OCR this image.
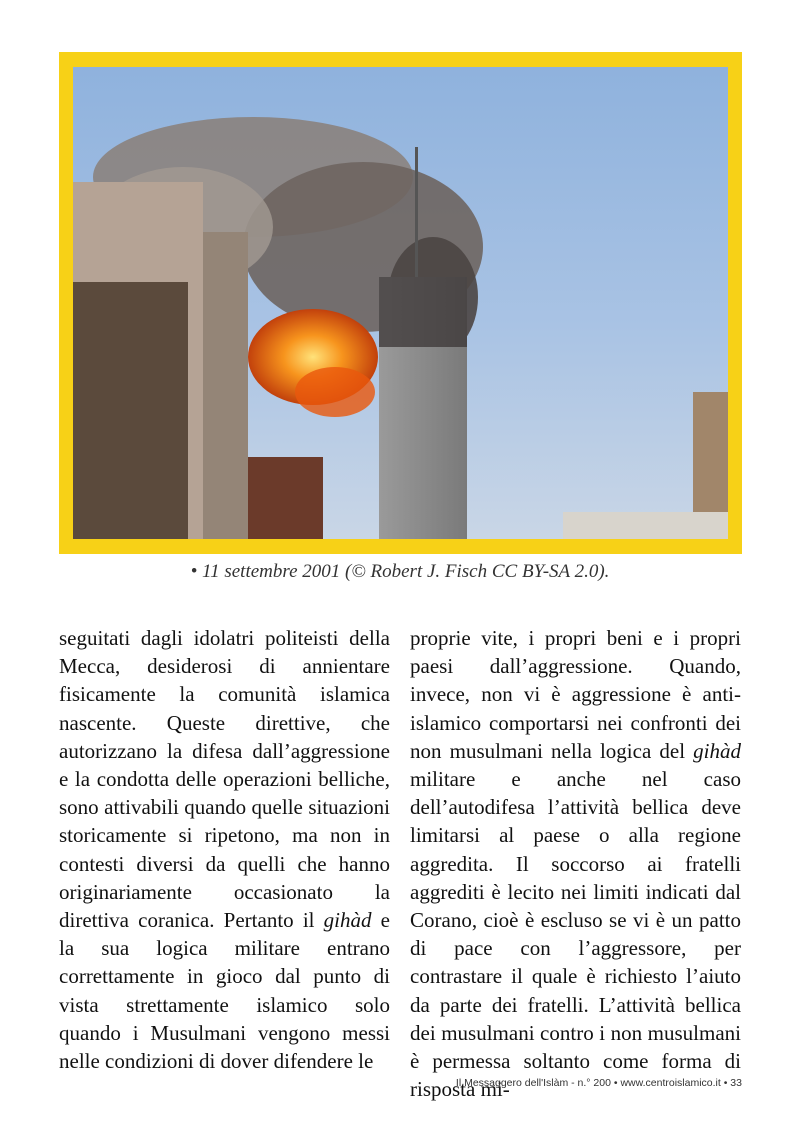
• 11 settembre 2001 (© Robert J. Fisch CC BY-SA 2.0).

seguitati dagli idolatri politeisti della Mecca, desiderosi di annientare fisicamente la comunità islamica nascente. Queste direttive, che autorizzano la difesa dall’aggressione e la condotta delle operazioni belliche, sono attivabili quando quelle situazioni storicamente si ripetono, ma non in contesti diversi da quelli che hanno originariamente occasionato la direttiva coranica. Pertanto il gihàd e la sua logica militare entrano correttamente in gioco dal punto di vista strettamente islamico solo quando i Musulmani vengono messi nelle condizioni di dover difendere le

proprie vite, i propri beni e i propri paesi dall’aggressione. Quando, invece, non vi è aggressione è anti-islamico comportarsi nei confronti dei non musulmani nella logica del gihàd militare e anche nel caso dell’autodifesa l’attività bellica deve limitarsi al paese o alla regione aggredita. Il soccorso ai fratelli aggrediti è lecito nei limiti indicati dal Corano, cioè è escluso se vi è un patto di pace con l’aggressore, per contrastare il quale è richiesto l’aiuto da parte dei fratelli. L’attività bellica dei musulmani contro i non musulmani è permessa soltanto come forma di risposta mi-

Il Messaggero dell'Islàm - n.° 200 • www.centroislamico.it • 33
